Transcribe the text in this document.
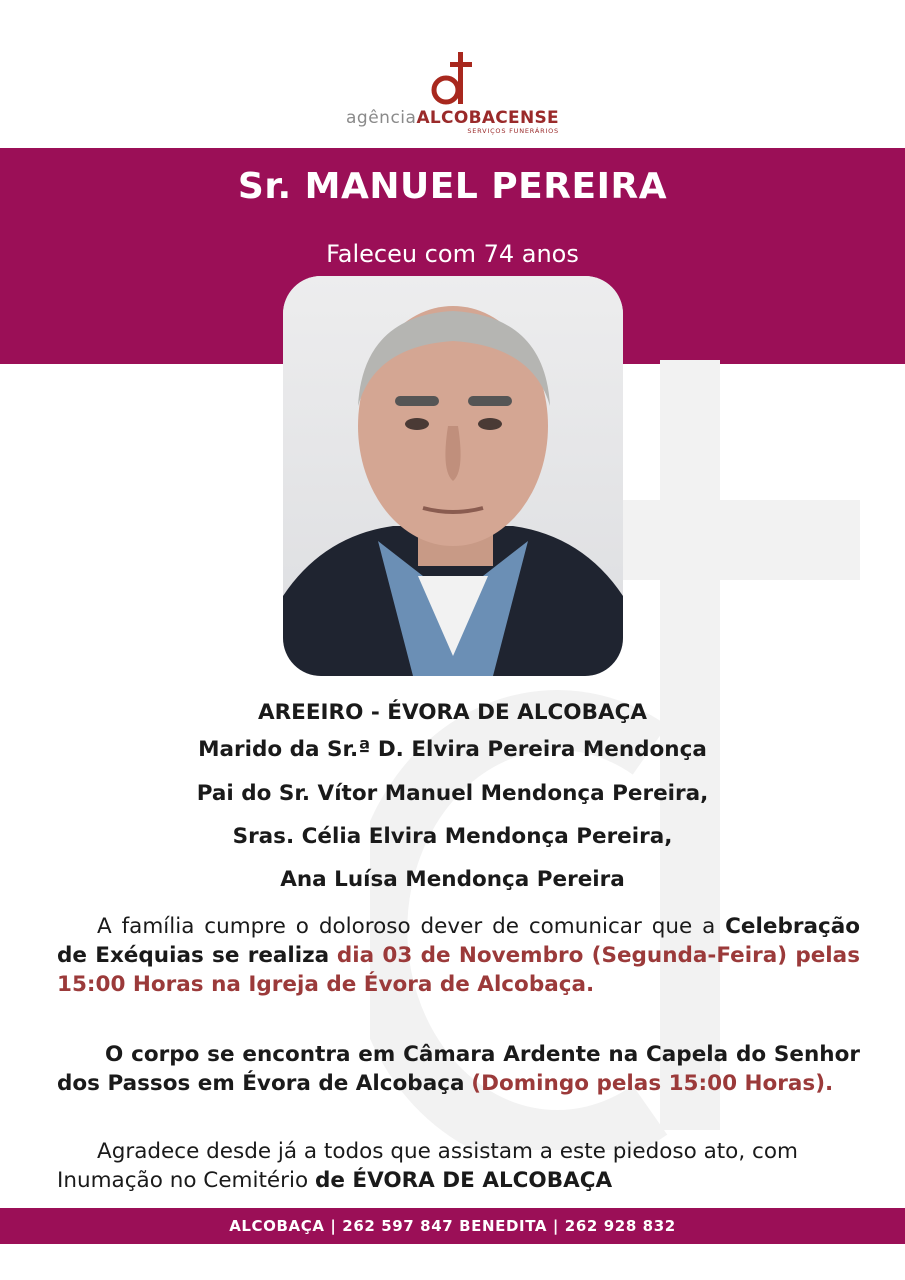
agênciaALCOBACENSE
SERVIÇOS FUNERÁRIOS
Sr. MANUEL PEREIRA
Faleceu com 74 anos
AREEIRO - ÉVORA DE ALCOBAÇA
Marido da Sr.ª D. Elvira Pereira Mendonça
Pai do Sr. Vítor Manuel Mendonça Pereira,
Sras. Célia Elvira Mendonça Pereira,
Ana Luísa Mendonça Pereira
A família cumpre o doloroso dever de comunicar que a Celebração de Exéquias se realiza dia 03 de Novembro (Segunda-Feira) pelas 15:00 Horas na Igreja de Évora de Alcobaça.
O corpo se encontra em Câmara Ardente na Capela do Senhor dos Passos em Évora de Alcobaça (Domingo pelas 15:00 Horas).
Agradece desde já a todos que assistam a este piedoso ato, com Inumação no Cemitério de ÉVORA DE ALCOBAÇA
ALCOBAÇA | 262 597 847 BENEDITA | 262 928 832
